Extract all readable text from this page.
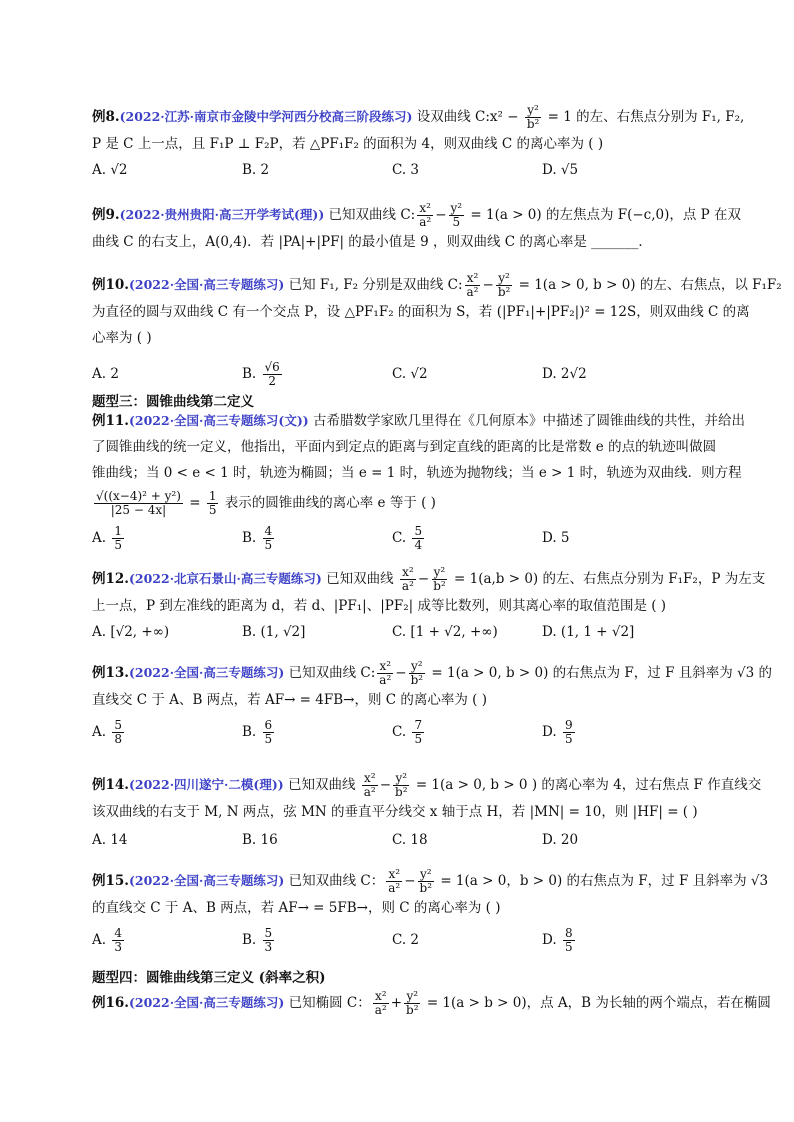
例8.(2022·江苏·南京市金陵中学河西分校高三阶段练习) 设双曲线 C:x² − $\frac{\text{y²}}{\text{b²}} = 1$ 的左、右焦点分别为 F₁, F₂,
P 是 C 上一点，且 F₁P ⊥ F₂P，若 △PF₁F₂ 的面积为 4，则双曲线 C 的离心率为 ( )
A. √2	B. 2	C. 3	D. √5
例9.(2022·贵州贵阳·高三开学考试(理)) 已知双曲线 C: $\frac{\text{x²}}{\text{a²}} - \frac{\text{y²}}{5} = 1(a > 0)$ 的左焦点为 F(−c,0)，点 P 在双
曲线 C 的右支上，A(0,4)．若 |PA|+|PF| 的最小值是 9 ，则双曲线 C 的离心率是 _______．
例10.(2022·全国·高三专题练习) 已知 F₁, F₂ 分别是双曲线 C: $\frac{\text{x²}}{\text{a²}} - \frac{\text{y²}}{\text{b²}} = 1(a > 0$, b > 0) 的左、右焦点，以 F₁F₂
为直径的圆与双曲线 C 有一个交点 P，设 △PF₁F₂ 的面积为 S，若 (|PF₁|+|PF₂|)² = 12S，则双曲线 C 的离
心率为 ( )
A. 2	B. $\frac{√6}{2}$	C. √2	D. 2√2
题型三：圆锥曲线第二定义
例11.(2022·全国·高三专题练习(文)) 古希腊数学家欧几里得在《几何原本》中描述了圆锥曲线的共性，并给出
了圆锥曲线的统一定义，他指出，平面内到定点的距离与到定直线的距离的比是常数 e 的点的轨迹叫做圆
锥曲线；当 0 < e < 1 时，轨迹为椭圆；当 e = 1 时，轨迹为抛物线；当 e > 1 时，轨迹为双曲线．则方程
$\frac{\text{√((x−4)² + y²)}}{|25 - 4x|} = \frac{1}{5}$ 表示的圆锥曲线的离心率 e 等于 ( )
A. $\frac{1}{5}$	B. $\frac{4}{5}$	C. $\frac{5}{4}$	D. 5
例12.(2022·北京石景山·高三专题练习) 已知双曲线 $\frac{\text{x²}}{\text{a²}} - \frac{\text{y²}}{\text{b²}} = 1(a,b > 0)$ 的左、右焦点分别为 F₁F₂，P 为左支
上一点，P 到左准线的距离为 d，若 d、|PF₁|、|PF₂| 成等比数列，则其离心率的取值范围是 ( )
A. [√2, +∞)	B. (1, √2]	C. [1 + √2, +∞)	D. (1, 1 + √2]
例13.(2022·全国·高三专题练习) 已知双曲线 C: $\frac{\text{x²}}{\text{a²}} - \frac{\text{y²}}{\text{b²}} = 1(a > 0$, b > 0) 的右焦点为 F，过 F 且斜率为 √3 的
直线交 C 于 A、B 两点，若 AF→ = 4FB→，则 C 的离心率为 ( )
A. $\frac{5}{8}$	B. $\frac{6}{5}$	C. $\frac{7}{5}$	D. $\frac{9}{5}$
例14.(2022·四川遂宁·二模(理)) 已知双曲线 $\frac{\text{x²}}{\text{a²}} - \frac{\text{y²}}{\text{b²}} = 1(a > 0$, b > 0 ) 的离心率为 4，过右焦点 F 作直线交
该双曲线的右支于 M, N 两点，弦 MN 的垂直平分线交 x 轴于点 H，若 |MN| = 10，则 |HF| = ( )
A. 14	B. 16	C. 18	D. 20
例15.(2022·全国·高三专题练习) 已知双曲线 C： $\frac{\text{x²}}{\text{a²}} - \frac{\text{y²}}{\text{b²}} = 1(a > 0$，b > 0) 的右焦点为 F，过 F 且斜率为 √3
的直线交 C 于 A、B 两点，若 AF→ = 5FB→，则 C 的离心率为 ( )
A. $\frac{4}{3}$	B. $\frac{5}{3}$	C. 2	D. $\frac{8}{5}$
题型四：圆锥曲线第三定义 (斜率之积)
例16.(2022·全国·高三专题练习) 已知椭圆 C： $\frac{\text{x²}}{\text{a²}} + \frac{\text{y²}}{\text{b²}} = 1(a > b > 0)$，点 A，B 为长轴的两个端点，若在椭圆
